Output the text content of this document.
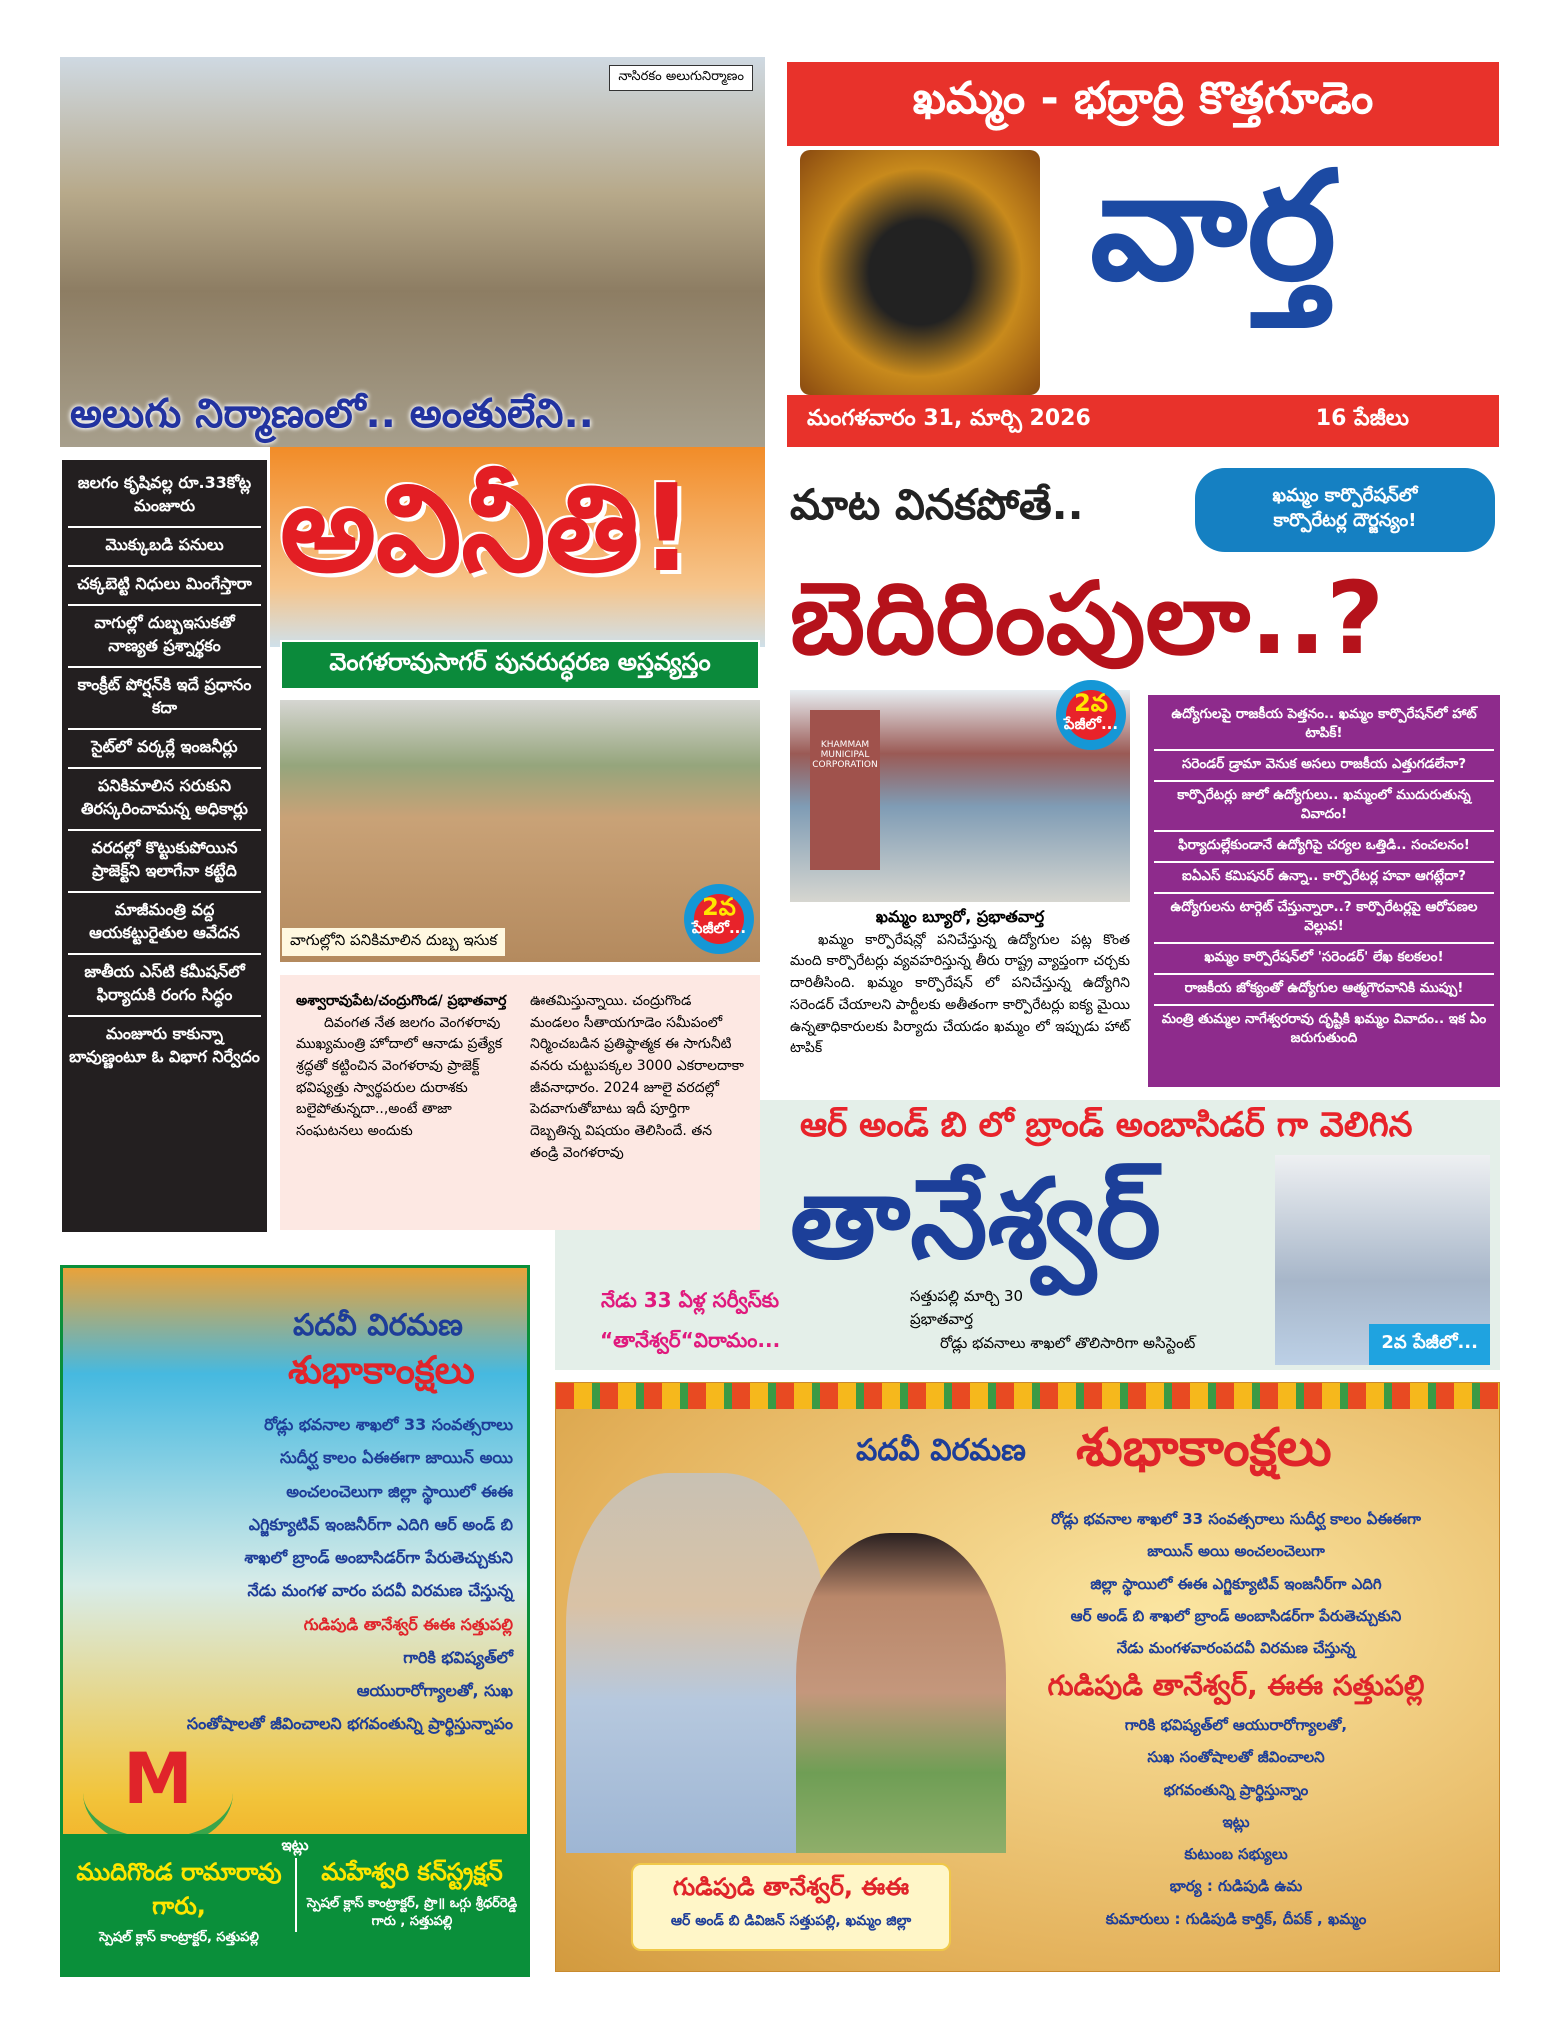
నాసిరకం అలుగునిర్మాణం
అలుగు నిర్మాణంలో.. అంతులేని..
అవినీతి!
జలగం కృషివల్ల రూ.33కోట్ల మంజూరు
మొక్కుబడి పనులు
చక్కబెట్టి నిధులు మింగేస్తారా
వాగుల్లో దుబ్బఇసుకతో నాణ్యత ప్రశ్నార్థకం
కాంక్రీట్ పోర్షన్‌కి ఇదే ప్రధానం కదా
సైట్‌లో వర్కర్లే ఇంజనీర్లు
పనికిమాలిన సరుకుని తిరస్కరించామన్న అధికార్లు
వరదల్లో కొట్టుకుపోయిన ప్రాజెక్ట్‌ని ఇలాగేనా కట్టేది
మాజీమంత్రి వద్ద ఆయకట్టురైతుల ఆవేదన
జాతీయ ఎస్‌టి కమీషన్‌లో ఫిర్యాదుకి రంగం సిద్ధం
మంజూరు కాకున్నా బావుణ్ణంటూ ఓ విభాగ నిర్వేదం
వెంగళరావుసాగర్ పునరుద్ధరణ అస్తవ్యస్తం
వాగుల్లోని పనికిమాలిన దుబ్బ ఇసుక
2వ
పేజీలో...

అశ్వారావుపేట/చంద్రుగొండ/ ప్రభాతవార్త

దివంగత నేత జలగం వెంగళరావు ముఖ్యమంత్రి హోదాలో ఆనాడు ప్రత్యేక శ్రద్ధతో కట్టించిన వెంగళరావు ప్రాజెక్ట్ భవిష్యత్తు స్వార్థపరుల దురాశకు బలైపోతున్నదా..,అంటే తాజా సంఘటనలు అందుకు

ఊతమిస్తున్నాయి. చంద్రుగొండ మండలం సీతాయగూడెం సమీపంలో నిర్మించబడిన ప్రతిష్ఠాత్మక ఈ సాగునీటి వనరు చుట్టుపక్కల 3000 ఎకరాలదాకా జీవనాధారం. 2024 జూలై వరదల్లో పెదవాగుతోబాటు ఇదీ పూర్తిగా దెబ్బతిన్న విషయం తెలిసిందే. తన తండ్రి వెంగళరావు

ఖమ్మం - భద్రాద్రి కొత్తగూడెం
వార్త
మంగళవారం 31, మార్చి 2026	16 పేజీలు
మాట వినకపోతే..	ఖమ్మం కార్పొరేషన్‌లో
కార్పొరేటర్ల దౌర్జన్యం!
బెదిరింపులా..?
KHAMMAM MUNICIPAL CORPORATION
2వ
పేజీలో...
ఖమ్మం బ్యూరో, ప్రభాతవార్త

ఖమ్మం కార్పొరేషన్లో పనిచేస్తున్న ఉద్యోగుల పట్ల కొంత మంది కార్పొరేటర్లు వ్యవహరిస్తున్న తీరు రాష్ట్ర వ్యాప్తంగా చర్చకు దారితీసింది. ఖమ్మం కార్పొరేషన్ లో పనిచేస్తున్న ఉద్యోగిని సరెండర్ చేయాలని పార్టీలకు అతీతంగా కార్పొరేటర్లు ఐక్య మైయి ఉన్నతాధికారులకు పిర్యాదు చేయడం ఖమ్మం లో ఇప్పుడు హాట్ టాపిక్

ఉద్యోగులపై రాజకీయ పెత్తనం.. ఖమ్మం కార్పొరేషన్‌లో హాట్ టాపిక్!
సరెండర్ డ్రామా వెనుక అసలు రాజకీయ ఎత్తుగడలేనా?
కార్పొరేటర్లు జులో ఉద్యోగులు.. ఖమ్మంలో ముదురుతున్న వివాదం!
ఫిర్యాదుల్లేకుండానే ఉద్యోగిపై చర్యల ఒత్తిడి.. సంచలనం!
ఐఏఎస్ కమిషనర్ ఉన్నా.. కార్పొరేటర్ల హవా ఆగట్లేదా?
ఉద్యోగులను టార్గెట్ చేస్తున్నారా..? కార్పొరేటర్లపై ఆరోపణల వెల్లువ!
ఖమ్మం కార్పొరేషన్‌లో 'సరెండర్' లేఖ కలకలం!
రాజకీయ జోక్యంతో ఉద్యోగుల ఆత్మగౌరవానికి ముప్పు!
మంత్రి తుమ్మల నాగేశ్వరరావు దృష్టికి ఖమ్మం వివాదం.. ఇక ఏం జరుగుతుంది
ఆర్ అండ్ బి లో బ్రాండ్ అంబాసిడర్ గా వెలిగిన
తానేశ్వర్
నేడు 33 ఏళ్ల సర్వీస్‌కు
“తానేశ్వర్“విరామం...
సత్తుపల్లి మార్చి 30
ప్రభాతవార్త
రోడ్లు భవనాలు శాఖలో తొలిసారిగా అసిస్టెంట్	2వ పేజీలో...
పదవీ విరమణ
శుభాకాంక్షలు
M
రోడ్లు భవనాల శాఖలో 33 సంవత్సరాలు
సుదీర్ఘ కాలం ఏఈఈగా జాయిన్ అయి
అంచలంచెలుగా జిల్లా స్థాయిలో ఈఈ
ఎగ్జిక్యూటివ్ ఇంజనీర్‌గా ఎదిగి ఆర్ అండ్ బి
శాఖలో బ్రాండ్ అంబాసిడర్‌గా పేరుతెచ్చుకుని
నేడు మంగళ వారం పదవీ విరమణ చేస్తున్న
గుడిపుడి తానేశ్వర్ ఈఈ సత్తుపల్లి
గారికి భవిష్యత్‌లో
ఆయురారోగ్యాలతో, సుఖ
సంతోషాలతో జీవించాలని భగవంతున్ని ప్రార్థిస్తున్నాపం
ఇట్లు
ముదిగొండ రామారావు గారు,
స్పెషల్ క్లాస్ కాంట్రాక్టర్, సత్తుపల్లి
మహేశ్వరి కన్‌స్ట్రక్షన్
స్పెషల్ క్లాస్ కాంట్రాక్టర్, ప్రొ॥ ఒగ్గు శ్రీధర్‌రెడ్డి గారు , సత్తుపల్లి
పదవీ విరమణ శుభాకాంక్షలు
రోడ్లు భవనాల శాఖలో 33 సంవత్సరాలు సుదీర్ఘ కాలం ఏఈఈగా
జాయిన్ అయి అంచలంచెలుగా
జిల్లా స్థాయిలో ఈఈ ఎగ్జిక్యూటివ్ ఇంజనీర్‌గా ఎదిగి
ఆర్ అండ్ బి శాఖలో బ్రాండ్ అంబాసిడర్‌గా పేరుతెచ్చుకుని
నేడు మంగళవారంపదవీ విరమణ చేస్తున్న
గుడిపుడి తానేశ్వర్, ఈఈ సత్తుపల్లి
గారికి భవిష్యత్‌లో ఆయురారోగ్యాలతో,
సుఖ సంతోషాలతో జీవించాలని
భగవంతున్ని ప్రార్థిస్తున్నాం
ఇట్లు
కుటుంబ సభ్యులు
భార్య : గుడిపుడి ఉమ
కుమారులు : గుడిపుడి కార్తిక్, దీపక్ , ఖమ్మం
గుడిపుడి తానేశ్వర్, ఈఈ
ఆర్ అండ్ బి డివిజన్ సత్తుపల్లి, ఖమ్మం జిల్లా
